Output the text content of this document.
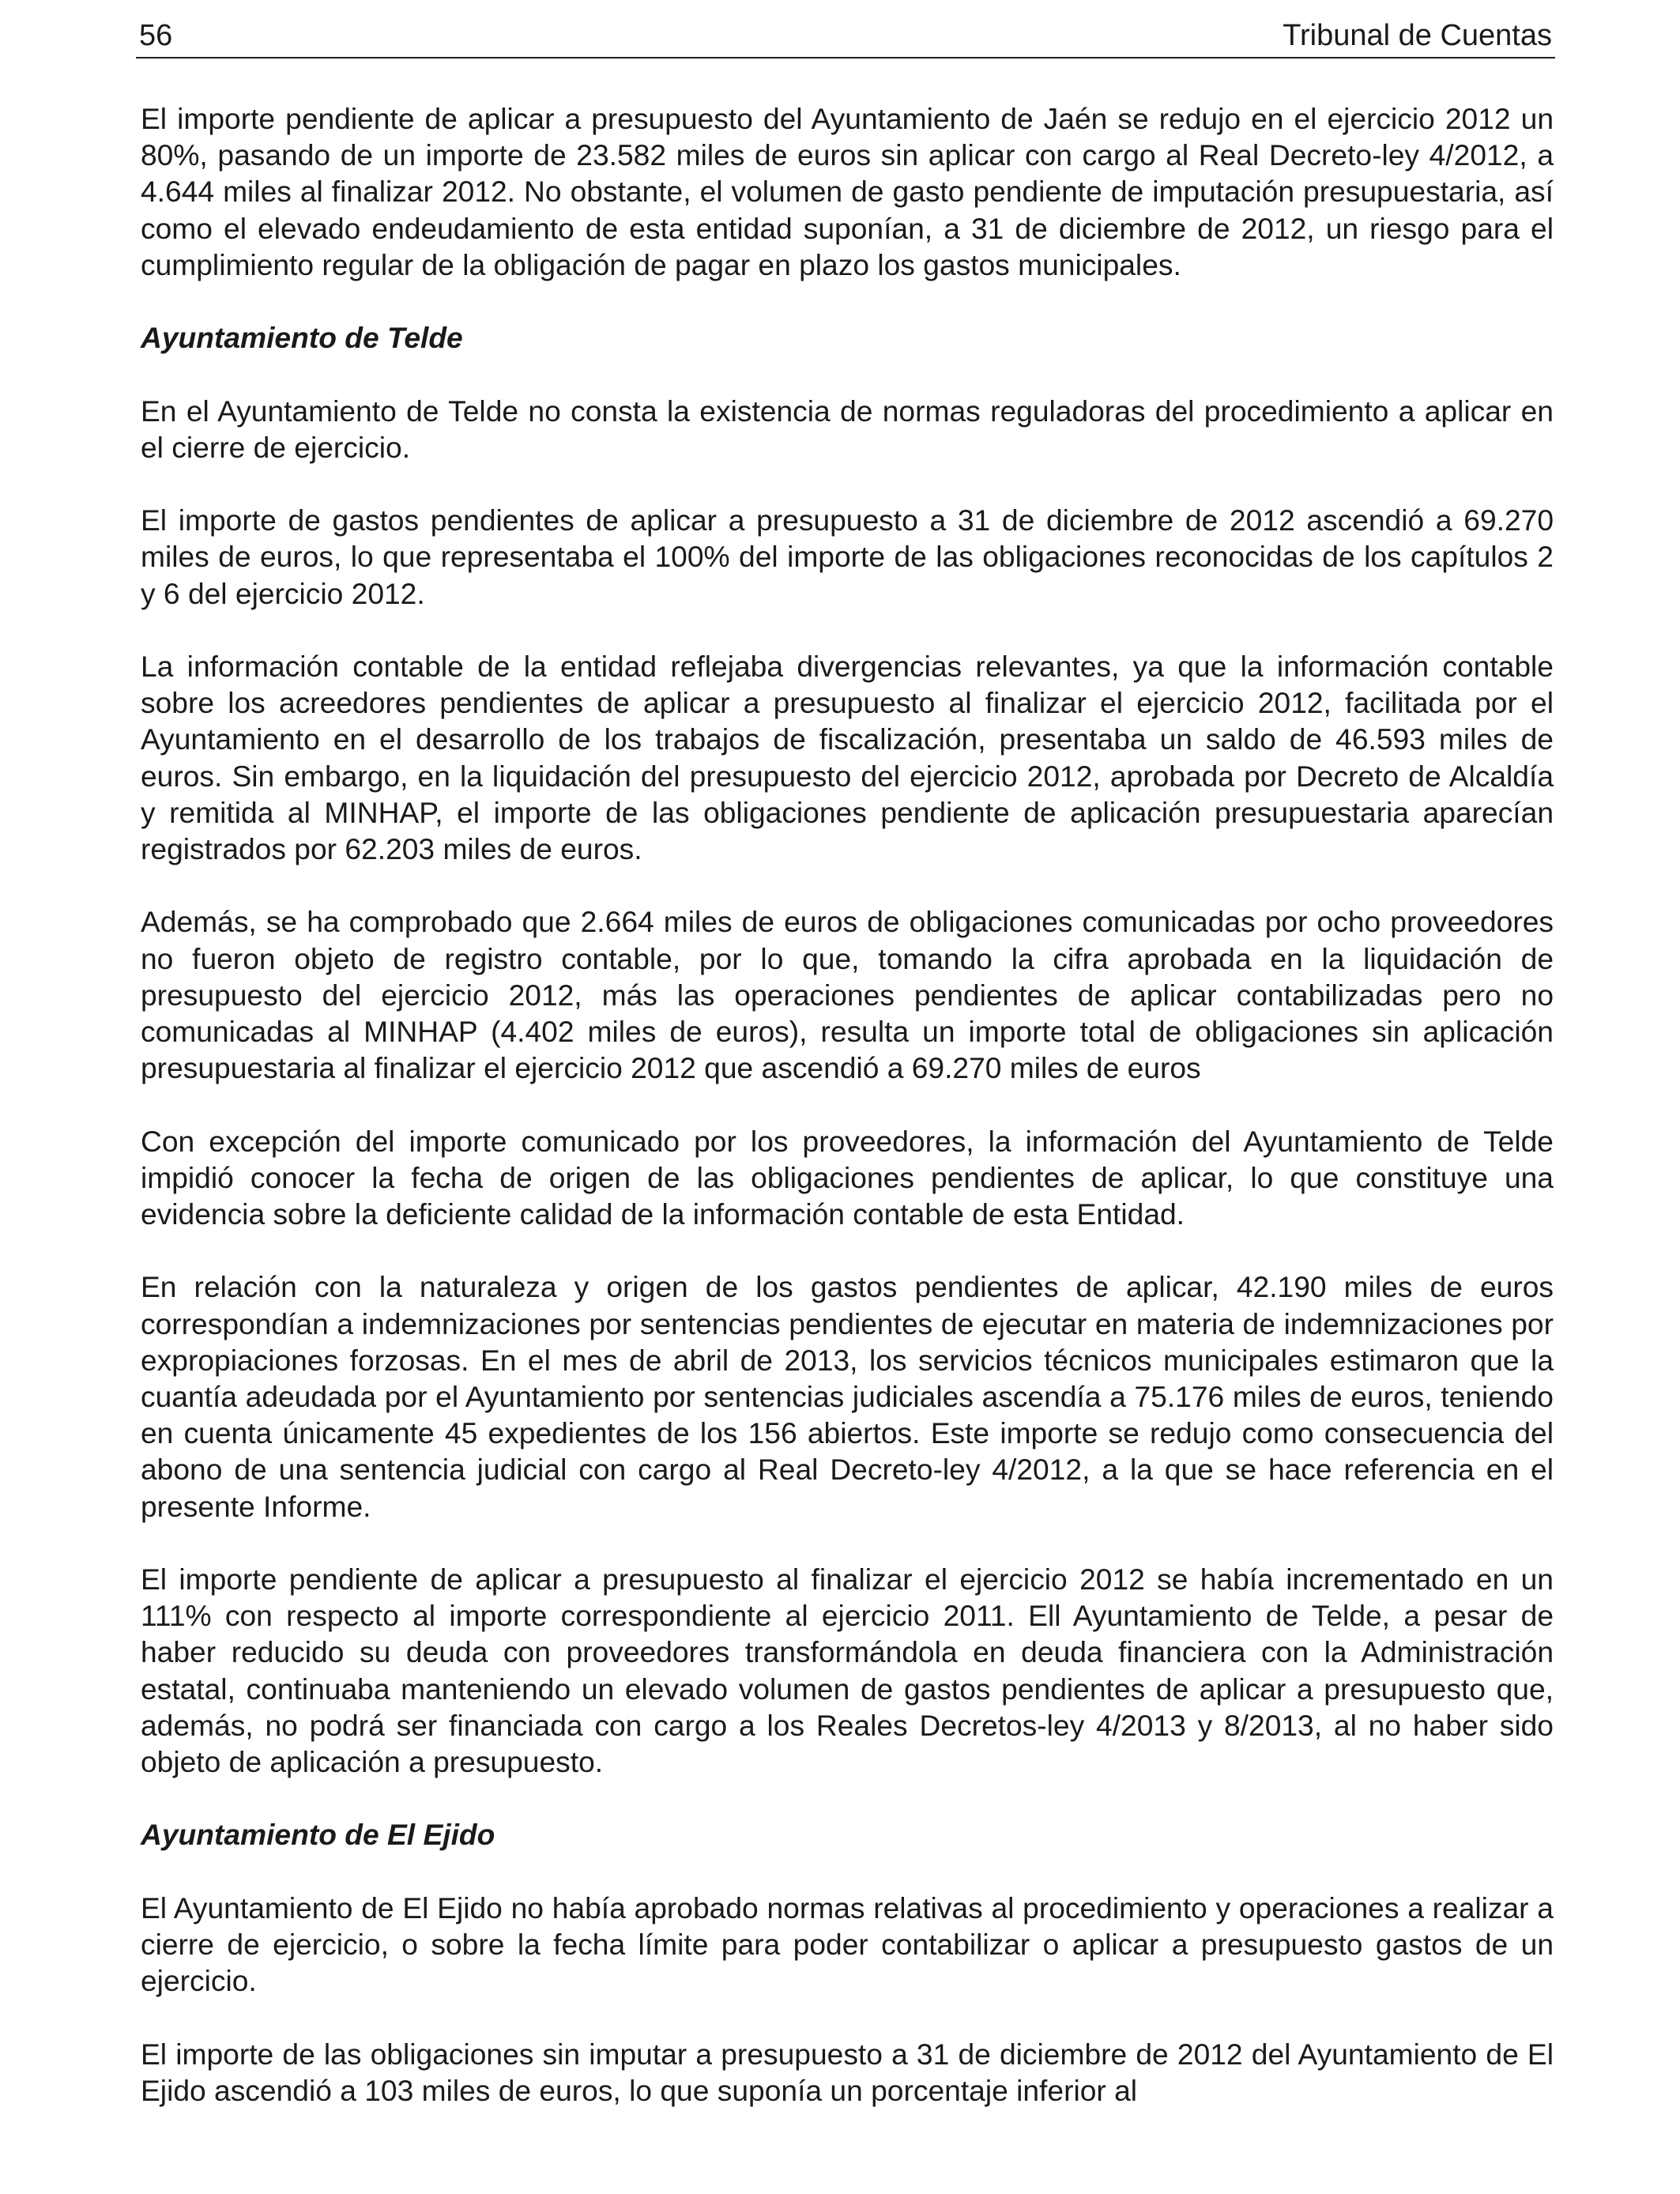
56	Tribunal de Cuentas

El importe pendiente de aplicar a presupuesto del Ayuntamiento de Jaén se redujo en el ejercicio 2012 un 80%, pasando de un importe de 23.582 miles de euros sin aplicar con cargo al Real Decreto-ley 4/2012, a 4.644 miles al finalizar 2012. No obstante, el volumen de gasto pendiente de imputación presupuestaria, así como el elevado endeudamiento de esta entidad suponían, a 31 de diciembre de 2012, un riesgo para el cumplimiento regular de la obligación de pagar en plazo los gastos municipales.

Ayuntamiento de Telde

En el Ayuntamiento de Telde no consta la existencia de normas reguladoras del procedimiento a aplicar en el cierre de ejercicio.

El importe de gastos pendientes de aplicar a presupuesto a 31 de diciembre de 2012 ascendió a 69.270 miles de euros, lo que representaba el 100% del importe de las obligaciones reconocidas de los capítulos 2 y 6 del ejercicio 2012.

La información contable de la entidad reflejaba divergencias relevantes, ya que la información contable sobre los acreedores pendientes de aplicar a presupuesto al finalizar el ejercicio 2012, facilitada por el Ayuntamiento en el desarrollo de los trabajos de fiscalización, presentaba un saldo de 46.593 miles de euros. Sin embargo, en la liquidación del presupuesto del ejercicio 2012, aprobada por Decreto de Alcaldía y remitida al MINHAP, el importe de las obligaciones pendiente de aplicación presupuestaria aparecían registrados por 62.203 miles de euros.

Además, se ha comprobado que 2.664 miles de euros de obligaciones comunicadas por ocho proveedores no fueron objeto de registro contable, por lo que, tomando la cifra aprobada en la liquidación de presupuesto del ejercicio 2012, más las operaciones pendientes de aplicar contabilizadas pero no comunicadas al MINHAP (4.402 miles de euros), resulta un importe total de obligaciones sin aplicación presupuestaria al finalizar el ejercicio 2012 que ascendió a 69.270 miles de euros

Con excepción del importe comunicado por los proveedores, la información del Ayuntamiento de Telde impidió conocer la fecha de origen de las obligaciones pendientes de aplicar, lo que constituye una evidencia sobre la deficiente calidad de la información contable de esta Entidad.

En relación con la naturaleza y origen de los gastos pendientes de aplicar, 42.190 miles de euros correspondían a indemnizaciones por sentencias pendientes de ejecutar en materia de indemnizaciones por expropiaciones forzosas. En el mes de abril de 2013, los servicios técnicos municipales estimaron que la cuantía adeudada por el Ayuntamiento por sentencias judiciales ascendía a 75.176 miles de euros, teniendo en cuenta únicamente 45 expedientes de los 156 abiertos. Este importe se redujo como consecuencia del abono de una sentencia judicial con cargo al Real Decreto-ley 4/2012, a la que se hace referencia en el presente Informe.

El importe pendiente de aplicar a presupuesto al finalizar el ejercicio 2012 se había incrementado en un 111% con respecto al importe correspondiente al ejercicio 2011. Ell Ayuntamiento de Telde, a pesar de haber reducido su deuda con proveedores transformándola en deuda financiera con la Administración estatal, continuaba manteniendo un elevado volumen de gastos pendientes de aplicar a presupuesto que, además, no podrá ser financiada con cargo a los Reales Decretos-ley 4/2013 y 8/2013, al no haber sido objeto de aplicación a presupuesto.

Ayuntamiento de El Ejido

El Ayuntamiento de El Ejido no había aprobado normas relativas al procedimiento y operaciones a realizar a cierre de ejercicio, o sobre la fecha límite para poder contabilizar o aplicar a presupuesto gastos de un ejercicio.

El importe de las obligaciones sin imputar a presupuesto a 31 de diciembre de 2012 del Ayuntamiento de El Ejido ascendió a 103 miles de euros, lo que suponía un porcentaje inferior al
